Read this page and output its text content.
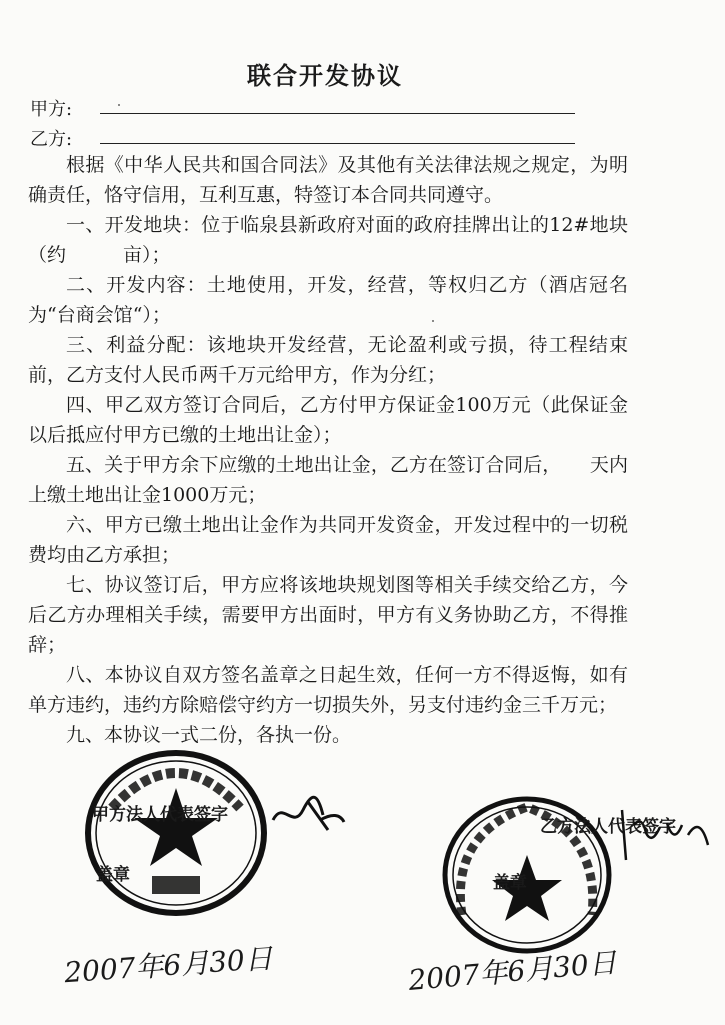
联合开发协议
甲方:
乙方:

根据《中华人民共和国合同法》及其他有关法律法规之规定，为明确责任，恪守信用，互利互惠，特签订本合同共同遵守。

一、开发地块：位于临泉县新政府对面的政府挂牌出让的12#地块（约　　　亩）；

二、开发内容：土地使用，开发，经营，等权归乙方（酒店冠名为“台商会馆“）；

三、利益分配：该地块开发经营，无论盈利或亏损，待工程结束前，乙方支付人民币两千万元给甲方，作为分红；

四、甲乙双方签订合同后，乙方付甲方保证金100万元（此保证金以后抵应付甲方已缴的土地出让金）；

五、关于甲方余下应缴的土地出让金，乙方在签订合同后，　　天内上缴土地出让金1000万元；

六、甲方已缴土地出让金作为共同开发资金，开发过程中的一切税费均由乙方承担；

七、协议签订后，甲方应将该地块规划图等相关手续交给乙方，今后乙方办理相关手续，需要甲方出面时，甲方有义务协助乙方，不得推辞；

八、本协议自双方签名盖章之日起生效，任何一方不得返悔，如有单方违约，违约方除赔偿守约方一切损失外，另支付违约金三千万元；

九、本协议一式二份，各执一份。

甲方法人代表签字
盖章
乙方法人代表签字
盖章
2007年6月30日	2007年6月30日
